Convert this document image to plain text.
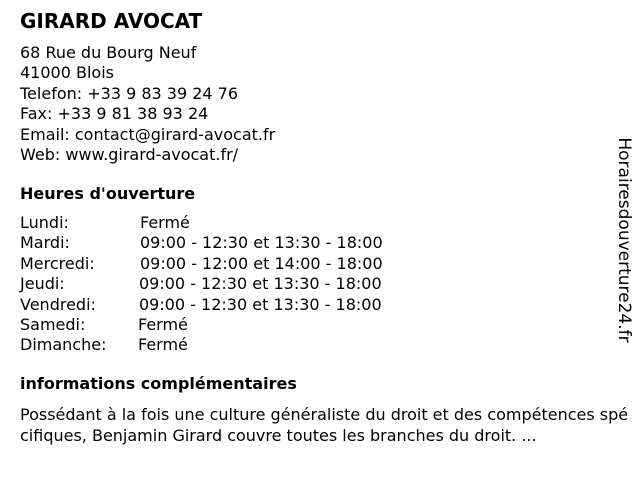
GIRARD AVOCAT
68 Rue du Bourg Neuf
41000 Blois
Telefon: +33 9 83 39 24 76
Fax: +33 9 81 38 93 24
Email: contact@girard-avocat.fr
Web: www.girard-avocat.fr/
Heures d'ouverture
Lundi:	Fermé
Mardi:	09:00 - 12:30 et 13:30 - 18:00
Mercredi:	09:00 - 12:00 et 14:00 - 18:00
Jeudi:	09:00 - 12:30 et 13:30 - 18:00
Vendredi:	09:00 - 12:30 et 13:30 - 18:00
Samedi:	Fermé
Dimanche: Fermé
informations complémentaires
Possédant à la fois une culture généraliste du droit et des compétences spécifiques, Benjamin Girard couvre toutes les branches du droit. ...
Horairesdouverture24.fr
